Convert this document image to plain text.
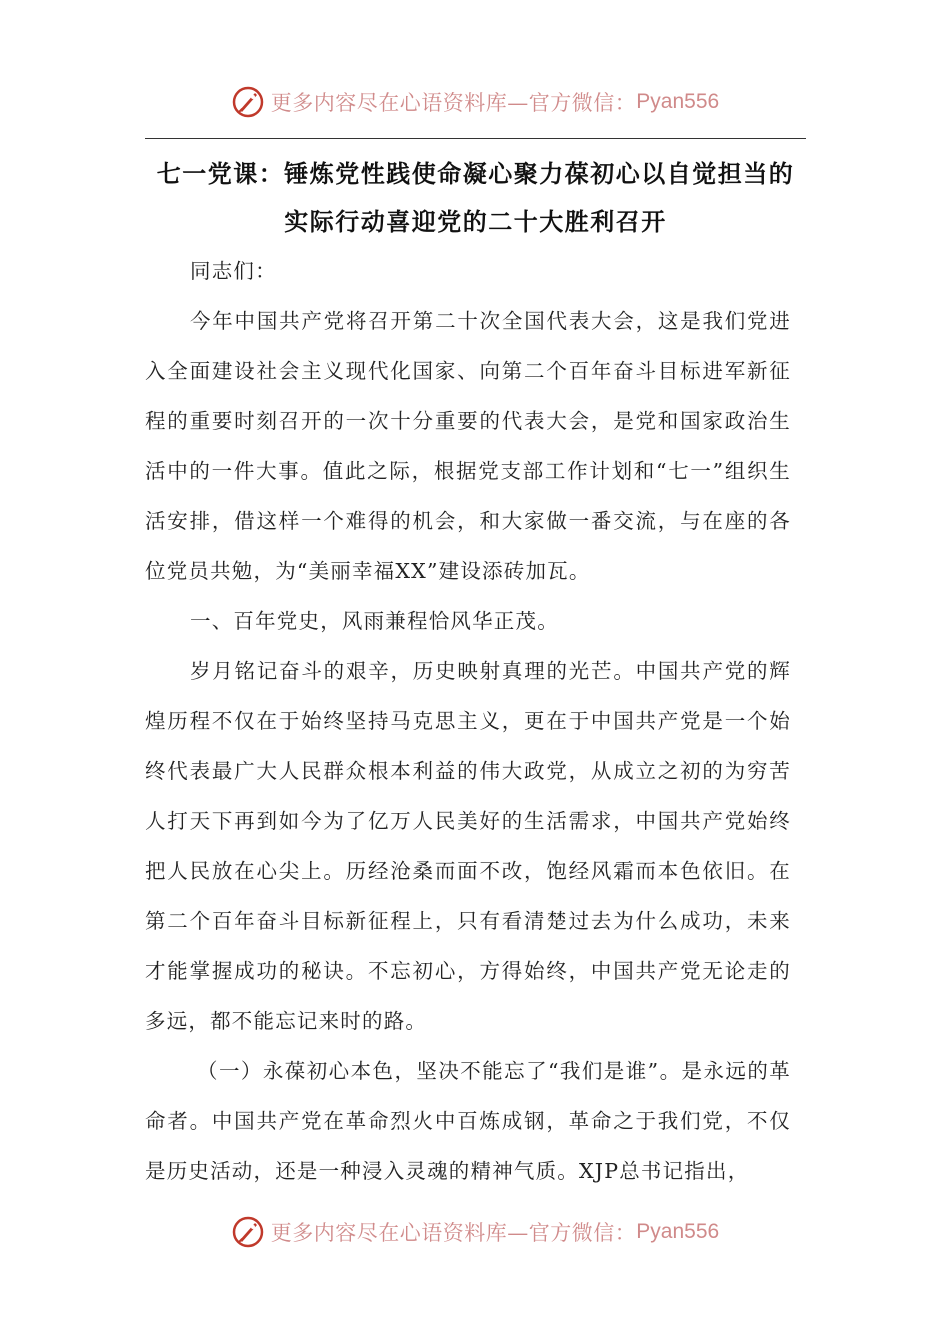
更多内容尽在心语资料库—官方微信： Pyan556
七一党课：锤炼党性践使命凝心聚力葆初心以自觉担当的实际行动喜迎党的二十大胜利召开

同志们：

今年中国共产党将召开第二十次全国代表大会，这是我们党进入全面建设社会主义现代化国家、向第二个百年奋斗目标进军新征程的重要时刻召开的一次十分重要的代表大会，是党和国家政治生活中的一件大事。值此之际，根据党支部工作计划和“七一”组织生活安排，借这样一个难得的机会，和大家做一番交流，与在座的各位党员共勉，为“美丽幸福XX”建设添砖加瓦。

一、百年党史，风雨兼程恰风华正茂。

岁月铭记奋斗的艰辛，历史映射真理的光芒。中国共产党的辉煌历程不仅在于始终坚持马克思主义，更在于中国共产党是一个始终代表最广大人民群众根本利益的伟大政党，从成立之初的为穷苦人打天下再到如今为了亿万人民美好的生活需求，中国共产党始终把人民放在心尖上。历经沧桑而面不改，饱经风霜而本色依旧。在第二个百年奋斗目标新征程上，只有看清楚过去为什么成功，未来才能掌握成功的秘诀。不忘初心，方得始终，中国共产党无论走的多远，都不能忘记来时的路。

（一）永葆初心本色，坚决不能忘了“我们是谁”。是永远的革命者。中国共产党在革命烈火中百炼成钢，革命之于我们党，不仅是历史活动，还是一种浸入灵魂的精神气质。XJP总书记指出，

更多内容尽在心语资料库—官方微信： Pyan556
